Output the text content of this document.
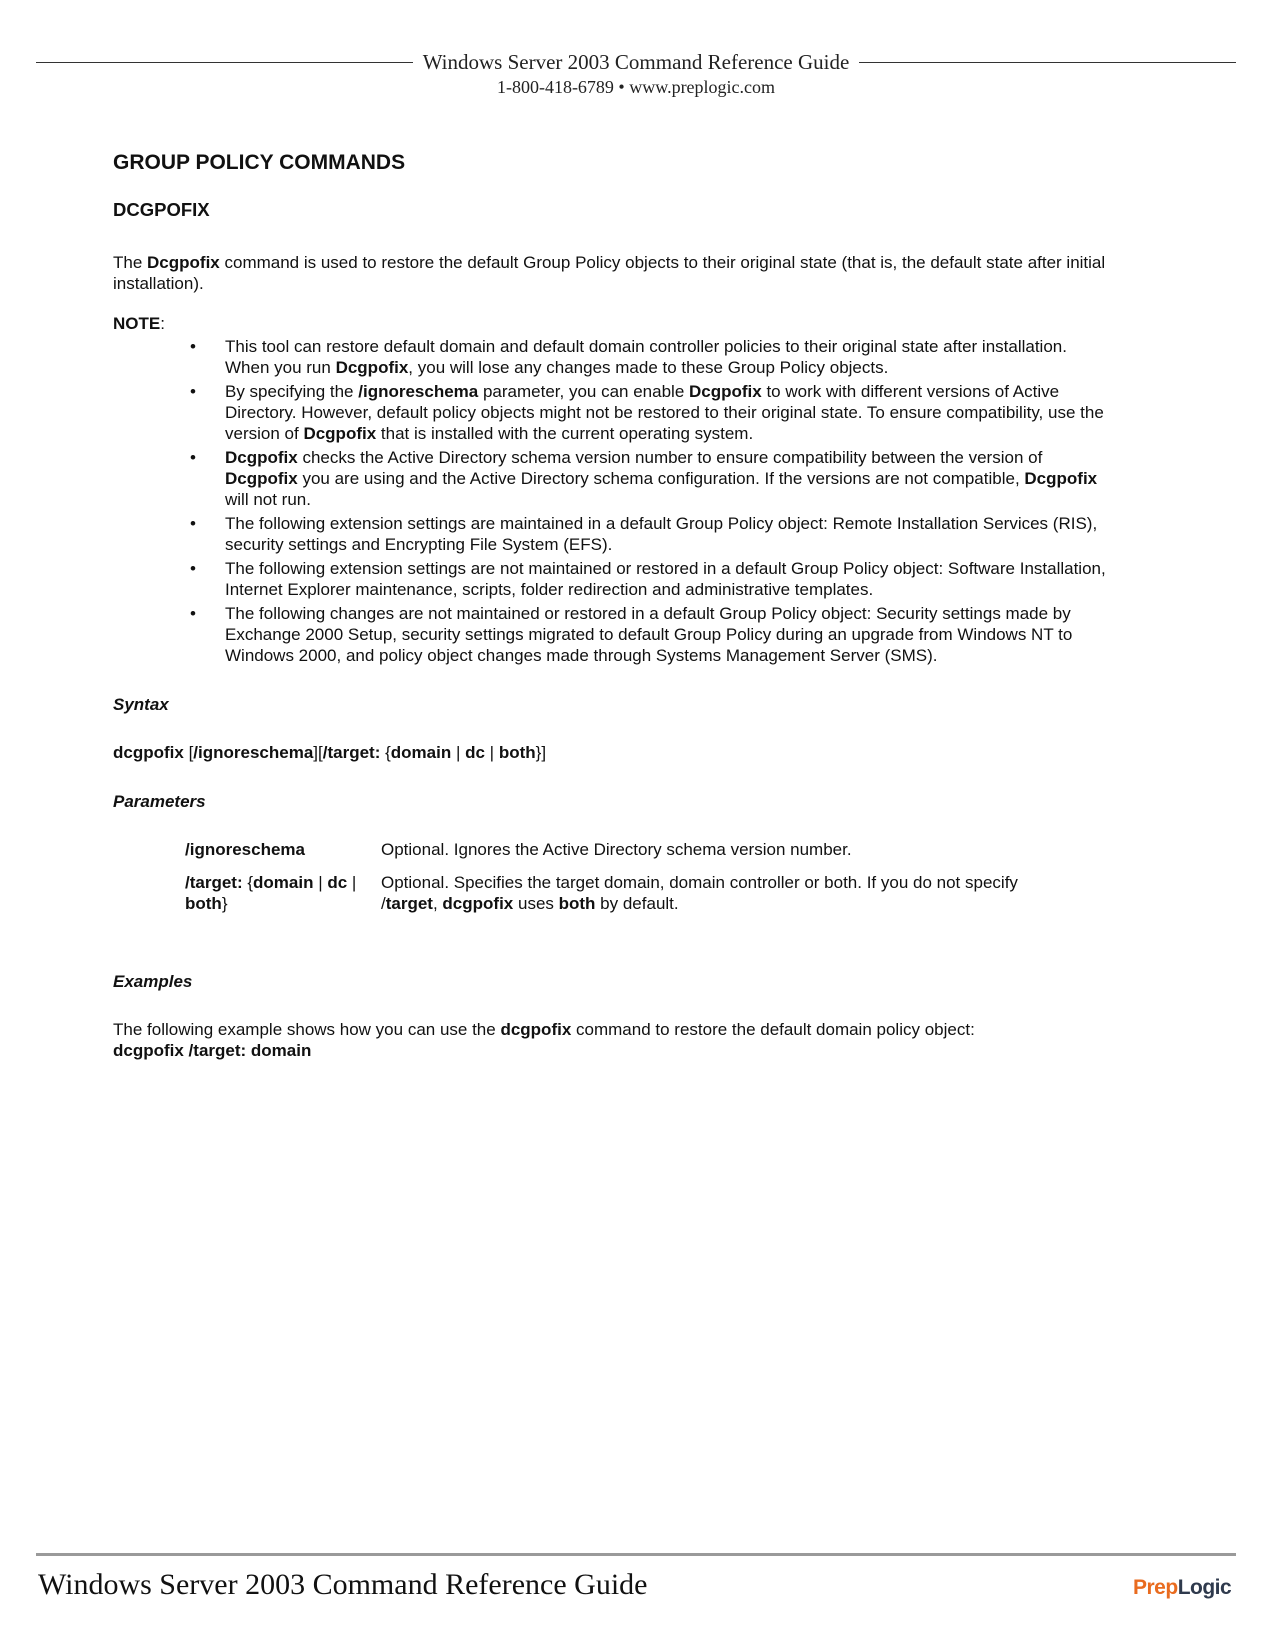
Windows Server 2003 Command Reference Guide
1-800-418-6789 • www.preplogic.com
GROUP POLICY COMMANDS
DCGPOFIX

The Dcgpofix command is used to restore the default Group Policy objects to their original state (that is, the default state after initial installation).

NOTE:

• This tool can restore default domain and default domain controller policies to their original state after installation. When you run Dcgpofix, you will lose any changes made to these Group Policy objects.
• By specifying the /ignoreschema parameter, you can enable Dcgpofix to work with different versions of Active Directory. However, default policy objects might not be restored to their original state. To ensure compatibility, use the version of Dcgpofix that is installed with the current operating system.
• Dcgpofix checks the Active Directory schema version number to ensure compatibility between the version of Dcgpofix you are using and the Active Directory schema configuration. If the versions are not compatible, Dcgpofix will not run.
• The following extension settings are maintained in a default Group Policy object: Remote Installation Services (RIS), security settings and Encrypting File System (EFS).
• The following extension settings are not maintained or restored in a default Group Policy object: Software Installation, Internet Explorer maintenance, scripts, folder redirection and administrative templates.
• The following changes are not maintained or restored in a default Group Policy object: Security settings made by Exchange 2000 Setup, security settings migrated to default Group Policy during an upgrade from Windows NT to Windows 2000, and policy object changes made through Systems Management Server (SMS).

Syntax

dcgpofix [/ignoreschema][/target: {domain | dc | both}]

Parameters

/ignoreschema	Optional. Ignores the Active Directory schema version number.
/target: {domain | dc | both}	Optional. Specifies the target domain, domain controller or both. If you do not specify /target, dcgpofix uses both by default.

Examples

The following example shows how you can use the dcgpofix command to restore the default domain policy object:

dcgpofix /target: domain

Windows Server 2003 Command Reference Guide	PrepLogic
